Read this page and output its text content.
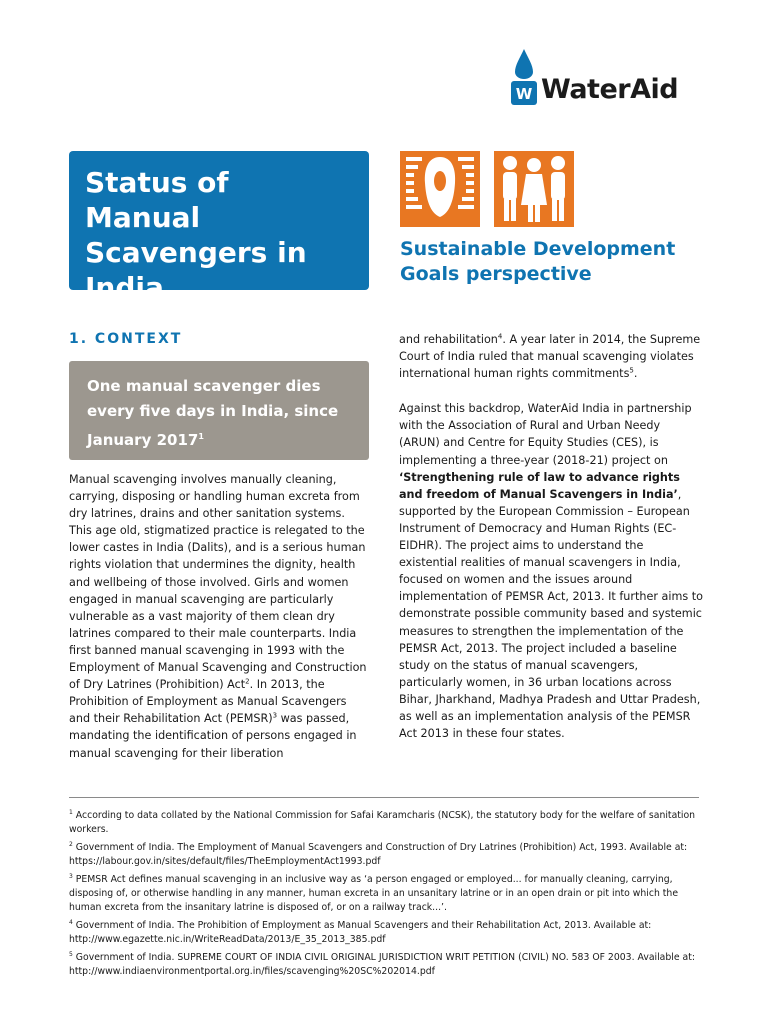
W WaterAid
Status of Manual Scavengers in India
Sustainable Development Goals perspective
1. CONTEXT
One manual scavenger dies every five days in India, since January 2017$^1$

Manual scavenging involves manually cleaning, carrying, disposing or handling human excreta from dry latrines, drains and other sanitation systems. This age old, stigmatized practice is relegated to the lower castes in India (Dalits), and is a serious human rights violation that undermines the dignity, health and wellbeing of those involved. Girls and women engaged in manual scavenging are particularly vulnerable as a vast majority of them clean dry latrines compared to their male counterparts. India first banned manual scavenging in 1993 with the Employment of Manual Scavenging and Construction of Dry Latrines (Prohibition) Act$^2$. In 2013, the Prohibition of Employment as Manual Scavengers and their Rehabilitation Act (PEMSR)$^3$ was passed, mandating the identification of persons engaged in manual scavenging for their liberation

and rehabilitation$^4$. A year later in 2014, the Supreme Court of India ruled that manual scavenging violates international human rights commitments$^5$.

Against this backdrop, WaterAid India in partnership with the Association of Rural and Urban Needy (ARUN) and Centre for Equity Studies (CES), is implementing a three-year (2018-21) project on ‘Strengthening rule of law to advance rights and freedom of Manual Scavengers in India’, supported by the European Commission – European Instrument of Democracy and Human Rights (EC-EIDHR). The project aims to understand the existential realities of manual scavengers in India, focused on women and the issues around implementation of PEMSR Act, 2013. It further aims to demonstrate possible community based and systemic measures to strengthen the implementation of the PEMSR Act, 2013. The project included a baseline study on the status of manual scavengers, particularly women, in 36 urban locations across Bihar, Jharkhand, Madhya Pradesh and Uttar Pradesh, as well as an implementation analysis of the PEMSR Act 2013 in these four states.

$^1$ According to data collated by the National Commission for Safai Karamcharis (NCSK), the statutory body for the welfare of sanitation workers.

$^2$ Government of India. The Employment of Manual Scavengers and Construction of Dry Latrines (Prohibition) Act, 1993. Available at: https://labour.gov.in/sites/default/files/TheEmploymentAct1993.pdf

$^3$ PEMSR Act defines manual scavenging in an inclusive way as ‘a person engaged or employed... for manually cleaning, carrying, disposing of, or otherwise handling in any manner, human excreta in an unsanitary latrine or in an open drain or pit into which the human excreta from the insanitary latrine is disposed of, or on a railway track...’.

$^4$ Government of India. The Prohibition of Employment as Manual Scavengers and their Rehabilitation Act, 2013. Available at: http://www.egazette.nic.in/WriteReadData/2013/E_35_2013_385.pdf

$^5$ Government of India. SUPREME COURT OF INDIA CIVIL ORIGINAL JURISDICTION WRIT PETITION (CIVIL) NO. 583 OF 2003. Available at: http://www.indiaenvironmentportal.org.in/files/scavenging%20SC%202014.pdf
